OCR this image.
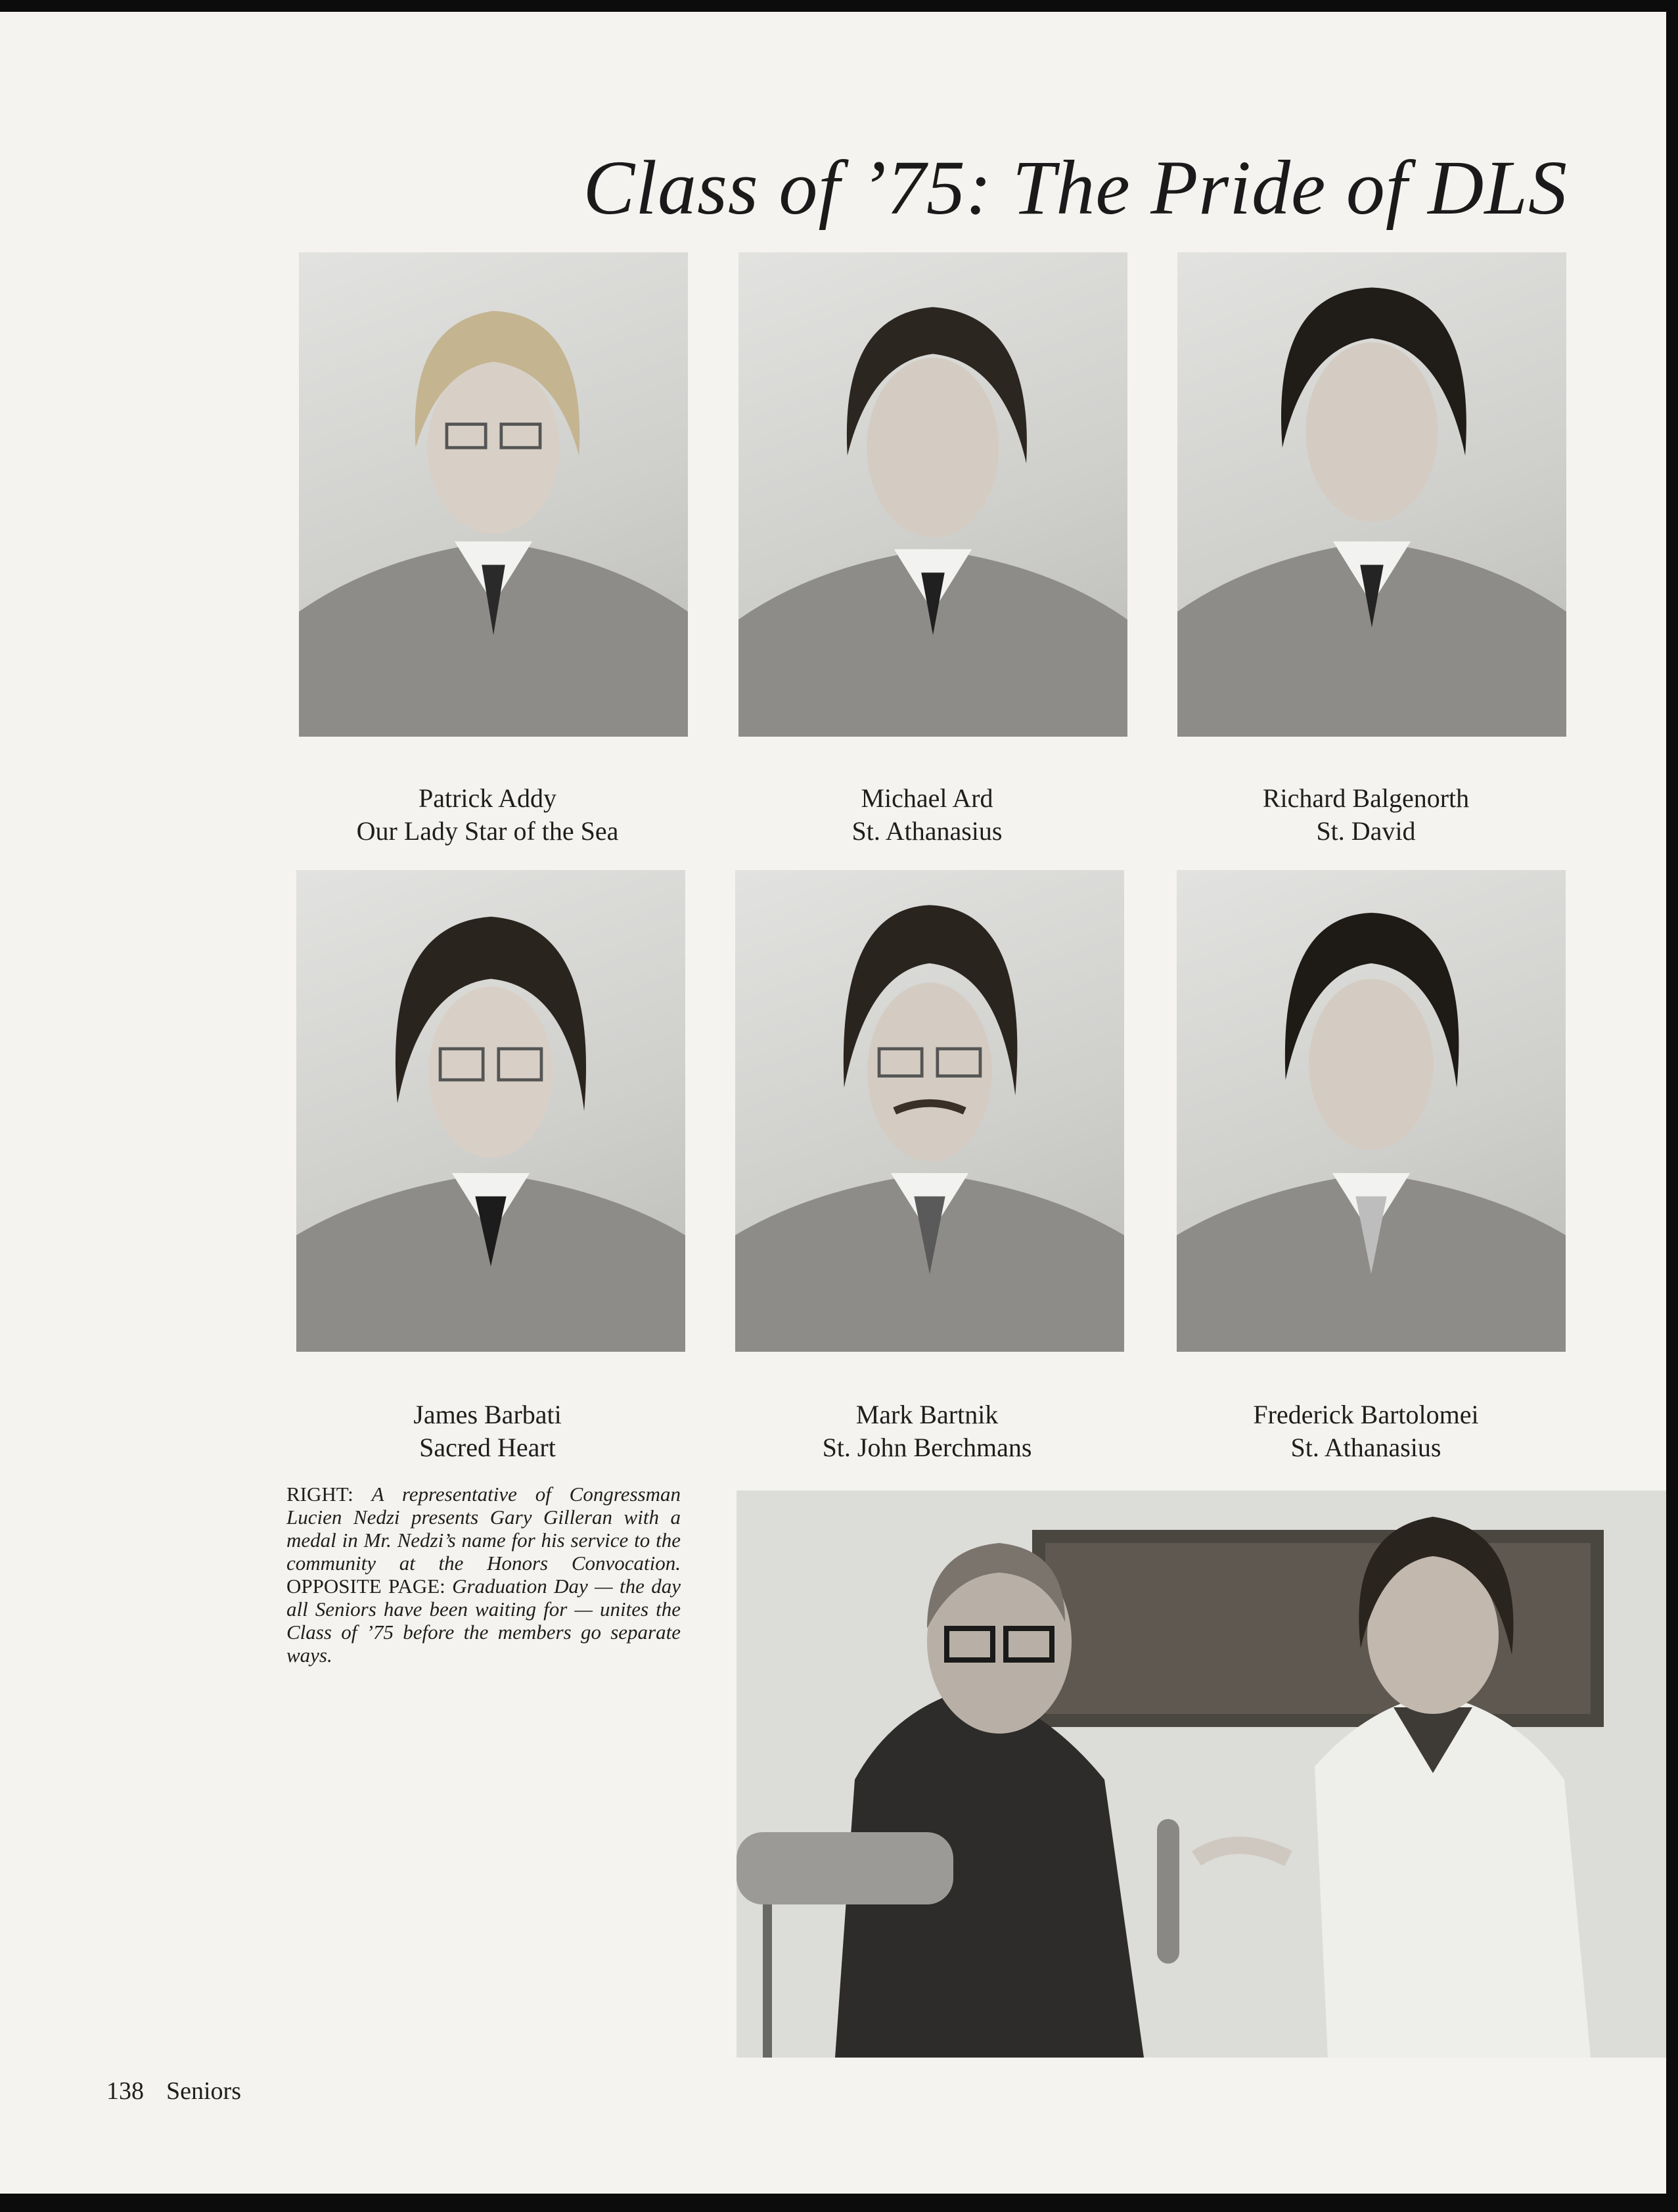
Class of ’75: The Pride of DLS
Patrick Addy
Our Lady Star of the Sea
Michael Ard
St. Athanasius
Richard Balgenorth
St. David
James Barbati
Sacred Heart
Mark Bartnik
St. John Berchmans
Frederick Bartolomei
St. Athanasius
RIGHT: A representative of Congressman Lucien Nedzi presents Gary Gilleran with a medal in Mr. Nedzi’s name for his service to the community at the Honors Convocation. OPPOSITE PAGE: Graduation Day — the day all Seniors have been waiting for — unites the Class of ’75 before the members go separate ways.
138 Seniors
